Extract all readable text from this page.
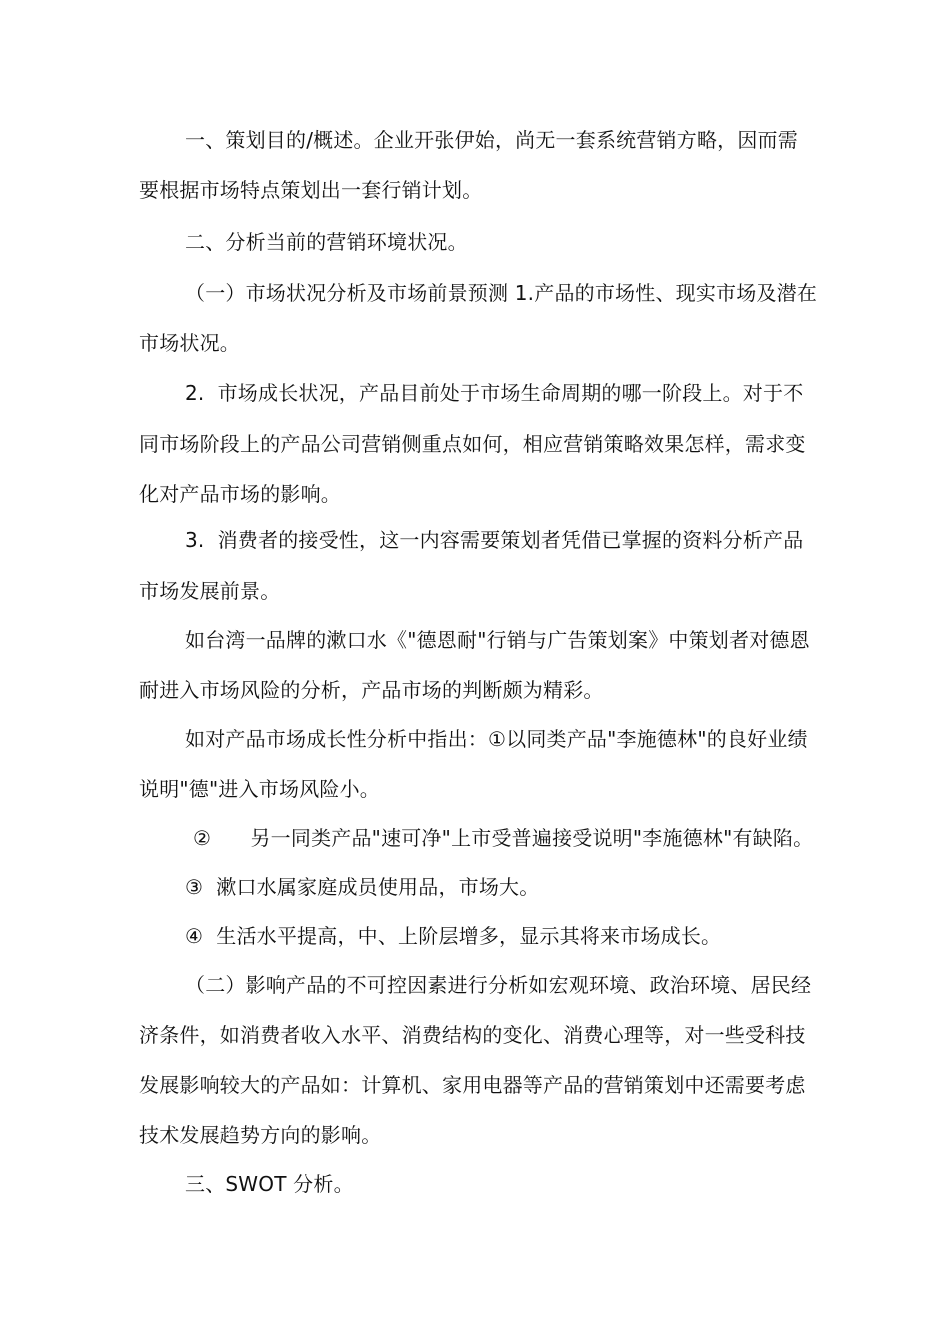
一、策划目的/概述。企业开张伊始，尚无一套系统营销方略，因而需
要根据市场特点策划出一套行销计划。
二、分析当前的营销环境状况。
（一）市场状况分析及市场前景预测 1.产品的市场性、现实市场及潜在
市场状况。
2.  市场成长状况，产品目前处于市场生命周期的哪一阶段上。对于不
同市场阶段上的产品公司营销侧重点如何，相应营销策略效果怎样，需求变
化对产品市场的影响。
3.  消费者的接受性，这一内容需要策划者凭借已掌握的资料分析产品
市场发展前景。
如台湾一品牌的漱口水《"德恩耐"行销与广告策划案》中策划者对德恩
耐进入市场风险的分析，产品市场的判断颇为精彩。
如对产品市场成长性分析中指出：①以同类产品"李施德林"的良好业绩
说明"德"进入市场风险小。
②      另一同类产品"速可净"上市受普遍接受说明"李施德林"有缺陷。
③  漱口水属家庭成员使用品，市场大。
④  生活水平提高，中、上阶层增多，显示其将来市场成长。
（二）影响产品的不可控因素进行分析如宏观环境、政治环境、居民经
济条件，如消费者收入水平、消费结构的变化、消费心理等，对一些受科技
发展影响较大的产品如：计算机、家用电器等产品的营销策划中还需要考虑
技术发展趋势方向的影响。
三、SWOT 分析。
